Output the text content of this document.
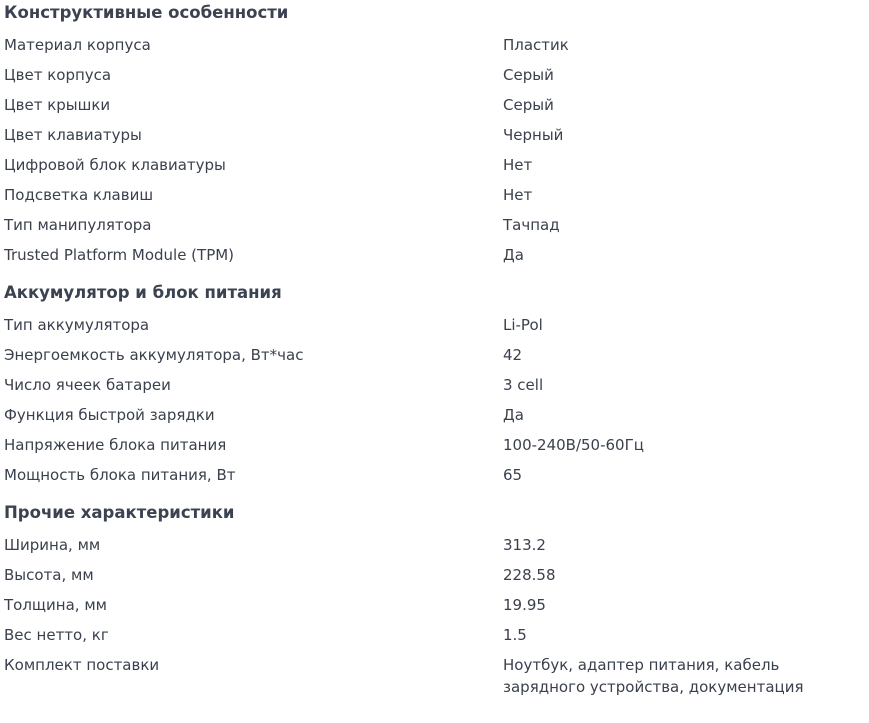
Конструктивные особенности
Материал корпуса	Пластик
Цвет корпуса	Серый
Цвет крышки	Серый
Цвет клавиатуры	Черный
Цифровой блок клавиатуры	Нет
Подсветка клавиш	Нет
Тип манипулятора	Тачпад
Trusted Platform Module (TPM)	Да
Аккумулятор и блок питания
Тип аккумулятора	Li-Pol
Энергоемкость аккумулятора, Вт*час	42
Число ячеек батареи	3 cell
Функция быстрой зарядки	Да
Напряжение блока питания	100-240В/50-60Гц
Мощность блока питания, Вт	65
Прочие характеристики
Ширина, мм	313.2
Высота, мм	228.58
Толщина, мм	19.95
Вес нетто, кг	1.5
Комплект поставки	Ноутбук, адаптер питания, кабель зарядного устройства, документация
